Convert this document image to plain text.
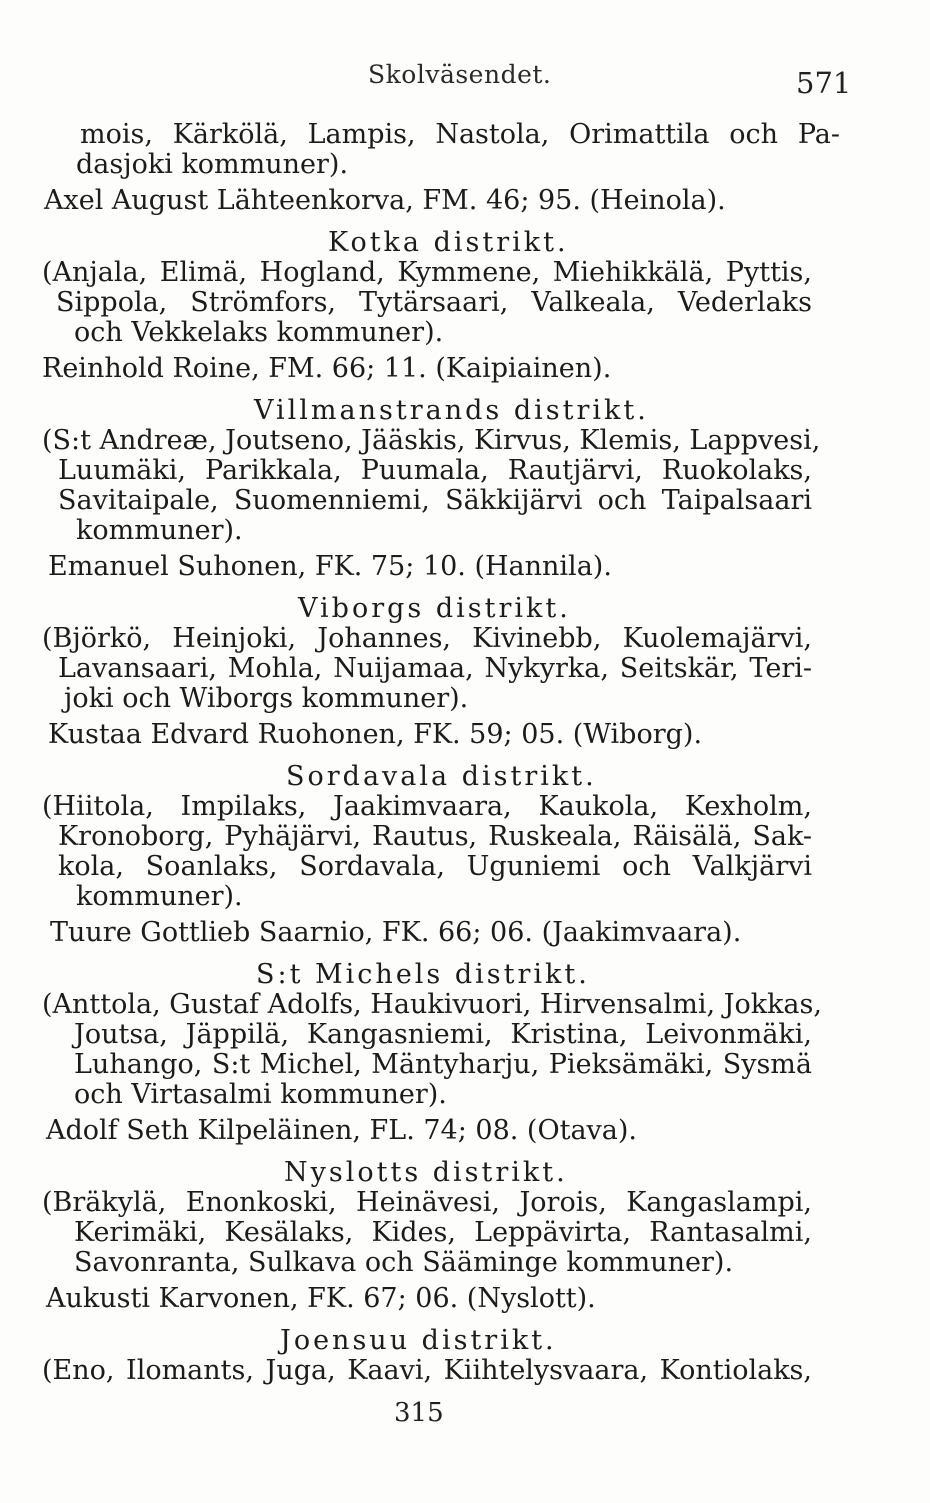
Skolväsendet.	571
mois, Kärkölä, Lampis, Nastola, Orimattila och Pa-
dasjoki kommuner).
Axel August Lähteenkorva, FM. 46; 95. (Heinola).
Kotka distrikt.
(Anjala, Elimä, Hogland, Kymmene, Miehikkälä, Pyttis,
Sippola, Strömfors, Tytärsaari, Valkeala, Vederlaks
och Vekkelaks kommuner).
Reinhold Roine, FM. 66; 11. (Kaipiainen).
Villmanstrands distrikt.
(S:t Andreæ, Joutseno, Jääskis, Kirvus, Klemis, Lappvesi,
Luumäki, Parikkala, Puumala, Rautjärvi, Ruokolaks,
Savitaipale, Suomenniemi, Säkkijärvi och Taipalsaari
kommuner).
Emanuel Suhonen, FK. 75; 10. (Hannila).
Viborgs distrikt.
(Björkö, Heinjoki, Johannes, Kivinebb, Kuolemajärvi,
Lavansaari, Mohla, Nuijamaa, Nykyrka, Seitskär, Teri-
joki och Wiborgs kommuner).
Kustaa Edvard Ruohonen, FK. 59; 05. (Wiborg).
Sordavala distrikt.
(Hiitola, Impilaks, Jaakimvaara, Kaukola, Kexholm,
Kronoborg, Pyhäjärvi, Rautus, Ruskeala, Räisälä, Sak-
kola, Soanlaks, Sordavala, Uguniemi och Valkjärvi
kommuner).
Tuure Gottlieb Saarnio, FK. 66; 06. (Jaakimvaara).
S:t Michels distrikt.
(Anttola, Gustaf Adolfs, Haukivuori, Hirvensalmi, Jokkas,
Joutsa, Jäppilä, Kangasniemi, Kristina, Leivonmäki,
Luhango, S:t Michel, Mäntyharju, Pieksämäki, Sysmä
och Virtasalmi kommuner).
Adolf Seth Kilpeläinen, FL. 74; 08. (Otava).
Nyslotts distrikt.
(Bräkylä, Enonkoski, Heinävesi, Jorois, Kangaslampi,
Kerimäki, Kesälaks, Kides, Leppävirta, Rantasalmi,
Savonranta, Sulkava och Sääminge kommuner).
Aukusti Karvonen, FK. 67; 06. (Nyslott).
Joensuu distrikt.
(Eno, Ilomants, Juga, Kaavi, Kiihtelysvaara, Kontiolaks,
315
